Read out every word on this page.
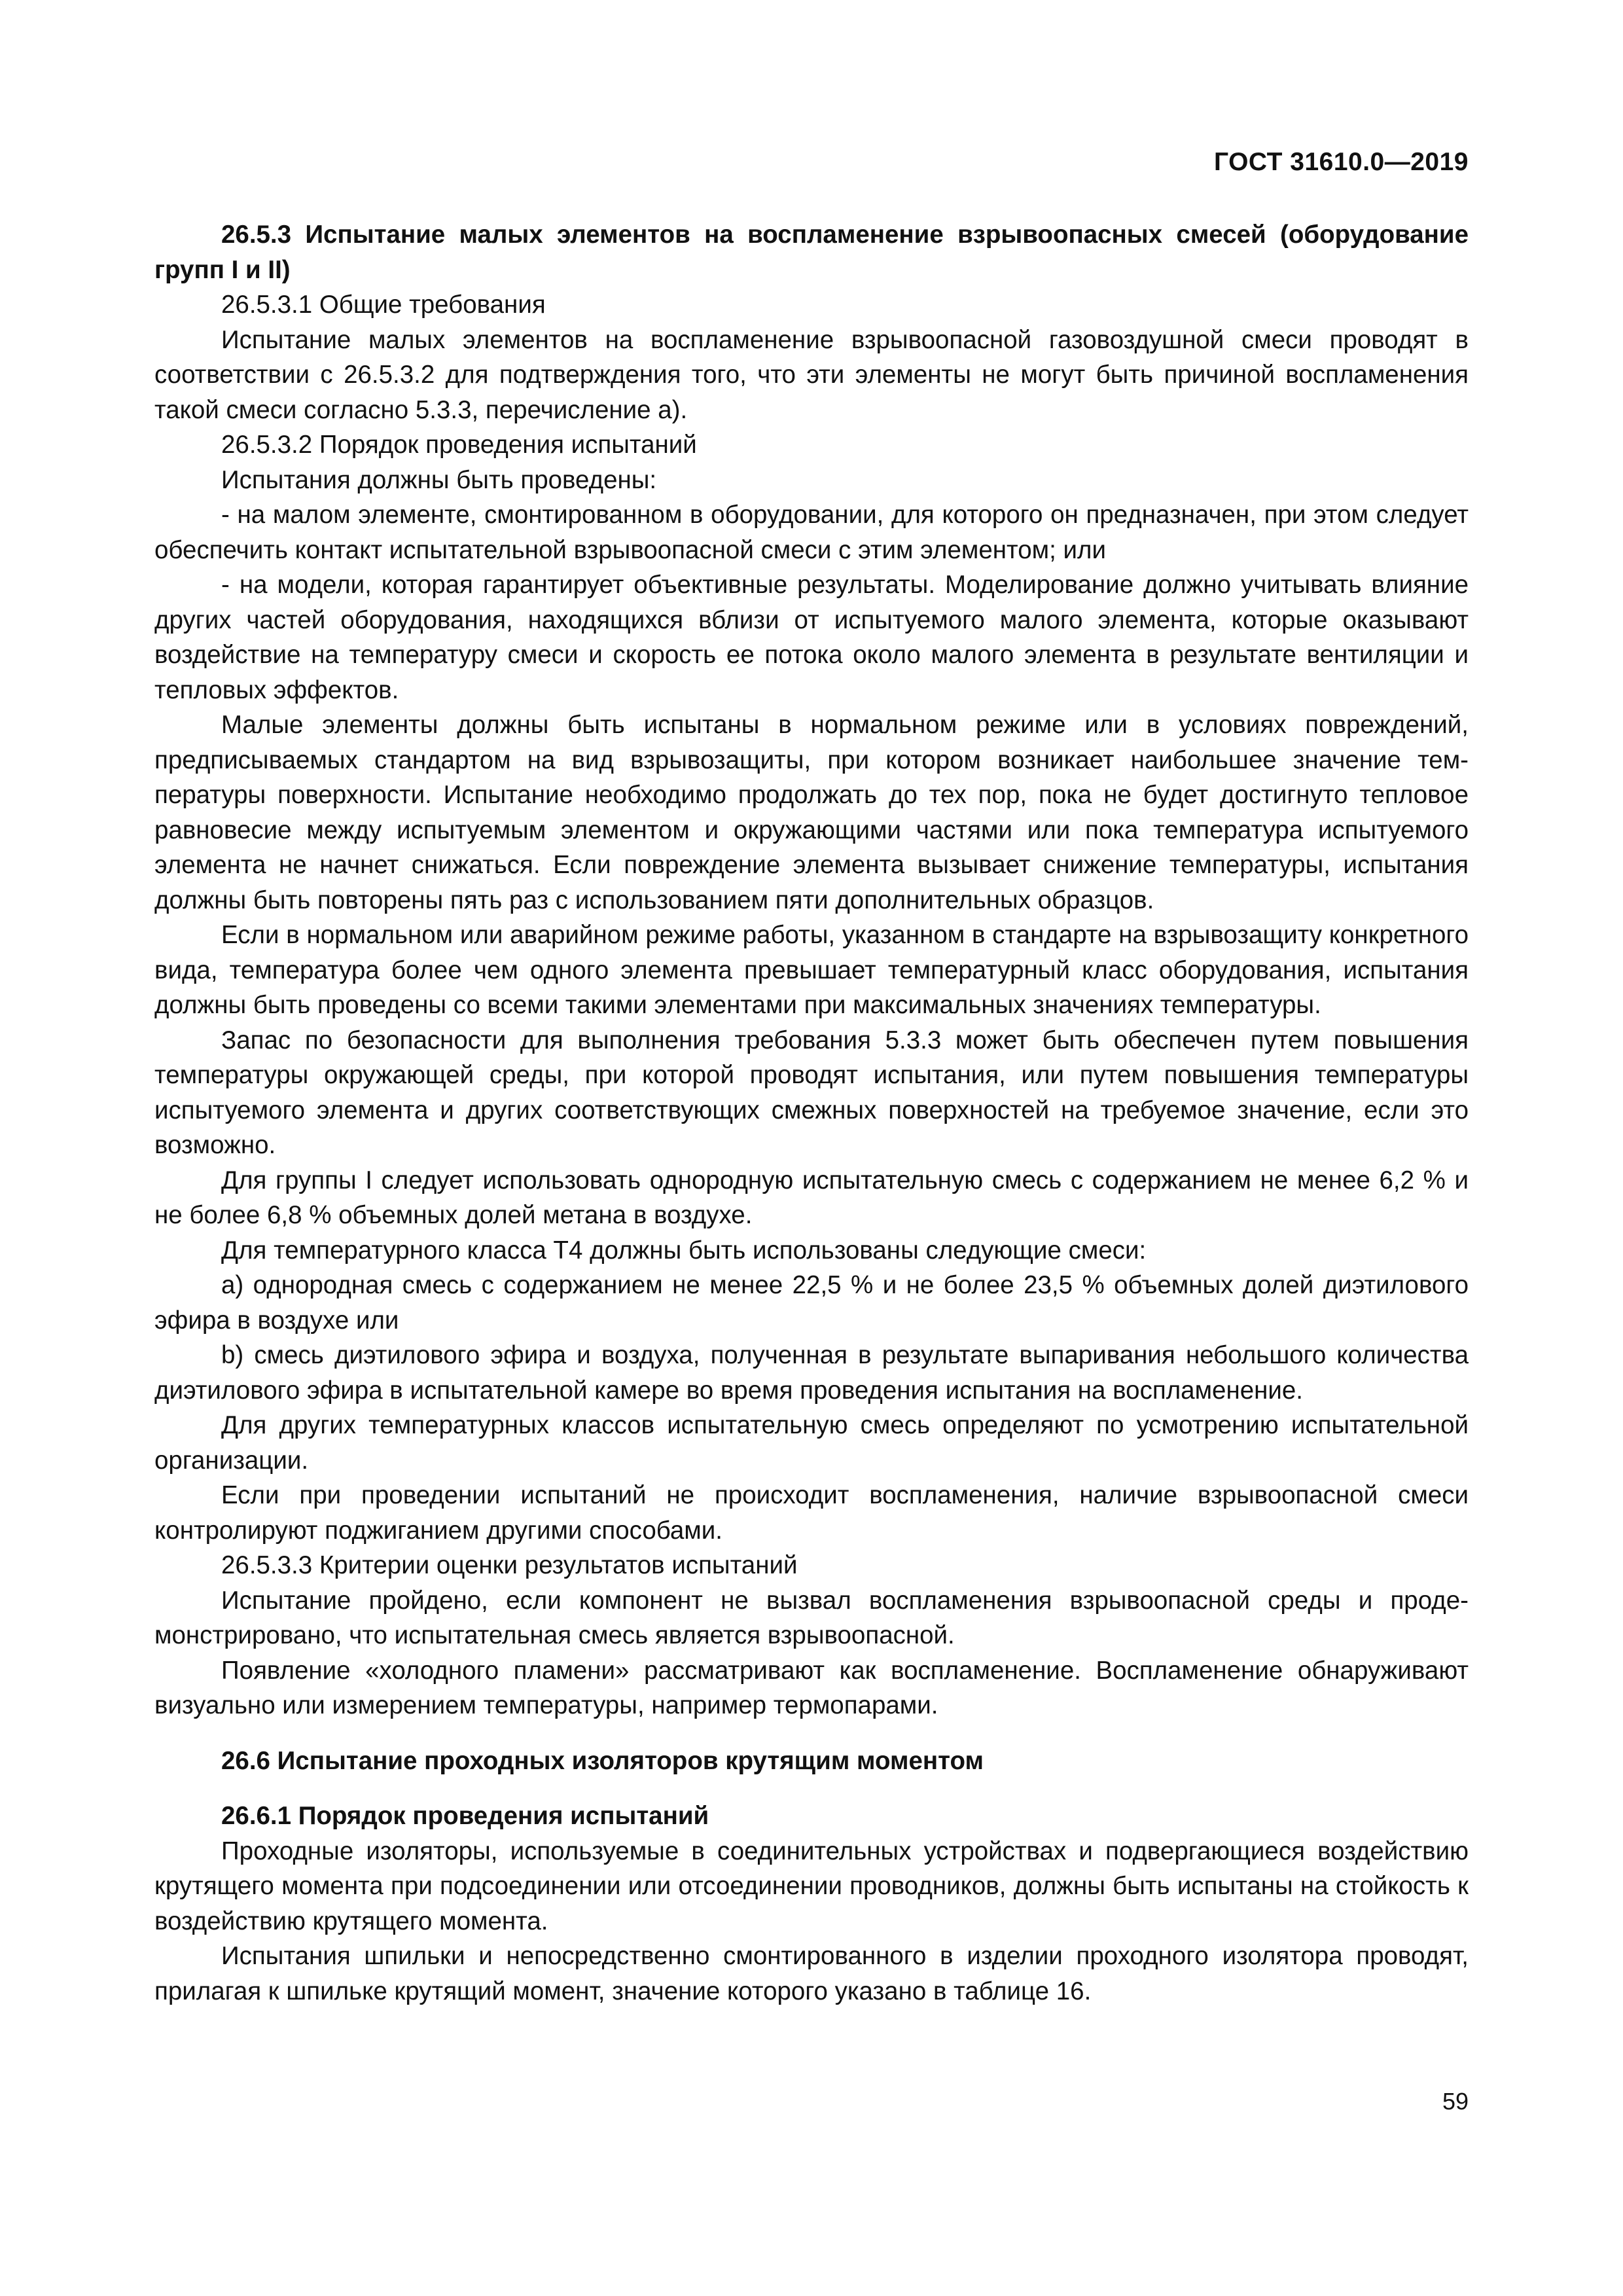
ГОСТ 31610.0—2019

26.5.3 Испытание малых элементов на воспламенение взрывоопасных смесей (оборудование групп I и II)

26.5.3.1 Общие требования

Испытание малых элементов на воспламенение взрывоопасной газовоздушной смеси проводят в соответствии с 26.5.3.2 для подтверждения того, что эти элементы не могут быть причиной воспламенения такой смеси согласно 5.3.3, перечисление а).

26.5.3.2 Порядок проведения испытаний

Испытания должны быть проведены:

- на малом элементе, смонтированном в оборудовании, для которого он предназначен, при этом следует обеспечить контакт испытательной взрывоопасной смеси с этим элементом; или

- на модели, которая гарантирует объективные результаты. Моделирование должно учитывать влияние других частей оборудования, находящихся вблизи от испытуемого малого элемента, которые оказывают воздействие на температуру смеси и скорость ее потока около малого элемента в результате вентиляции и тепловых эффектов.

Малые элементы должны быть испытаны в нормальном режиме или в условиях повреждений, предписываемых стандартом на вид взрывозащиты, при котором возникает наибольшее значение температуры поверхности. Испытание необходимо продолжать до тех пор, пока не будет достигнуто тепловое равновесие между испытуемым элементом и окружающими частями или пока температура испытуемого элемента не начнет снижаться. Если повреждение элемента вызывает снижение температуры, испытания должны быть повторены пять раз с использованием пяти дополнительных образцов.

Если в нормальном или аварийном режиме работы, указанном в стандарте на взрывозащиту конкретного вида, температура более чем одного элемента превышает температурный класс оборудования, испытания должны быть проведены со всеми такими элементами при максимальных значениях температуры.

Запас по безопасности для выполнения требования 5.3.3 может быть обеспечен путем повышения температуры окружающей среды, при которой проводят испытания, или путем повышения температуры испытуемого элемента и других соответствующих смежных поверхностей на требуемое значение, если это возможно.

Для группы I следует использовать однородную испытательную смесь с содержанием не менее 6,2 % и не более 6,8 % объемных долей метана в воздухе.

Для температурного класса Т4 должны быть использованы следующие смеси:

а) однородная смесь с содержанием не менее 22,5 % и не более 23,5 % объемных долей диэтилового эфира в воздухе или

b) смесь диэтилового эфира и воздуха, полученная в результате выпаривания небольшого количества диэтилового эфира в испытательной камере во время проведения испытания на воспламенение.

Для других температурных классов испытательную смесь определяют по усмотрению испытательной организации.

Если при проведении испытаний не происходит воспламенения, наличие взрывоопасной смеси контролируют поджиганием другими способами.

26.5.3.3 Критерии оценки результатов испытаний

Испытание пройдено, если компонент не вызвал воспламенения взрывоопасной среды и продемонстрировано, что испытательная смесь является взрывоопасной.

Появление «холодного пламени» рассматривают как воспламенение. Воспламенение обнаруживают визуально или измерением температуры, например термопарами.

26.6 Испытание проходных изоляторов крутящим моментом

26.6.1 Порядок проведения испытаний

Проходные изоляторы, используемые в соединительных устройствах и подвергающиеся воздействию крутящего момента при подсоединении или отсоединении проводников, должны быть испытаны на стойкость к воздействию крутящего момента.

Испытания шпильки и непосредственно смонтированного в изделии проходного изолятора проводят, прилагая к шпильке крутящий момент, значение которого указано в таблице 16.

59
